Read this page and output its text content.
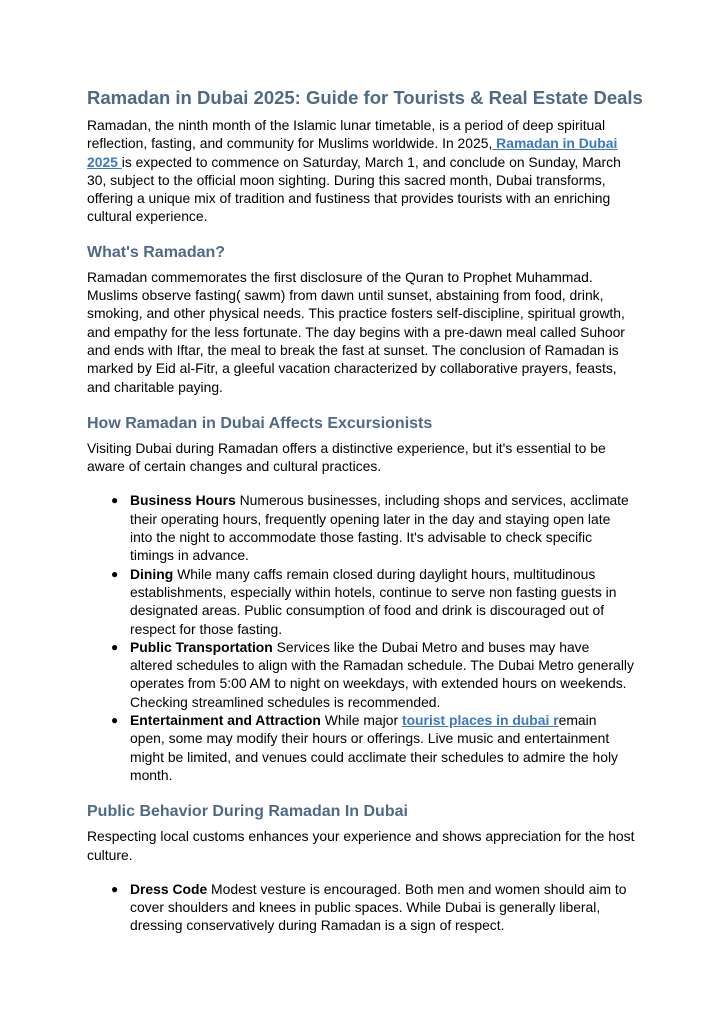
Ramadan in Dubai 2025: Guide for Tourists & Real Estate Deals

Ramadan, the ninth month of the Islamic lunar timetable, is a period of deep spiritual reflection, fasting, and community for Muslims worldwide. In 2025, Ramadan in Dubai 2025 is expected to commence on Saturday, March 1, and conclude on Sunday, March 30, subject to the official moon sighting. During this sacred month, Dubai transforms, offering a unique mix of tradition and fustiness that provides tourists with an enriching cultural experience.

What's Ramadan?

Ramadan commemorates the first disclosure of the Quran to Prophet Muhammad. Muslims observe fasting( sawm) from dawn until sunset, abstaining from food, drink, smoking, and other physical needs. This practice fosters self-discipline, spiritual growth, and empathy for the less fortunate. The day begins with a pre-dawn meal called Suhoor and ends with Iftar, the meal to break the fast at sunset. The conclusion of Ramadan is marked by Eid al-Fitr, a gleeful vacation characterized by collaborative prayers, feasts, and charitable paying.

How Ramadan in Dubai Affects Excursionists

Visiting Dubai during Ramadan offers a distinctive experience, but it's essential to be aware of certain changes and cultural practices.

● Business Hours Numerous businesses, including shops and services, acclimate their operating hours, frequently opening later in the day and staying open late into the night to accommodate those fasting. It's advisable to check specific timings in advance.
● Dining While many caffs remain closed during daylight hours, multitudinous establishments, especially within hotels, continue to serve non fasting guests in designated areas. Public consumption of food and drink is discouraged out of respect for those fasting.
● Public Transportation Services like the Dubai Metro and buses may have altered schedules to align with the Ramadan schedule. The Dubai Metro generally operates from 5:00 AM to night on weekdays, with extended hours on weekends. Checking streamlined schedules is recommended.
● Entertainment and Attraction While major tourist places in dubai remain open, some may modify their hours or offerings. Live music and entertainment might be limited, and venues could acclimate their schedules to admire the holy month.
Public Behavior During Ramadan In Dubai

Respecting local customs enhances your experience and shows appreciation for the host culture.

● Dress Code Modest vesture is encouraged. Both men and women should aim to cover shoulders and knees in public spaces. While Dubai is generally liberal, dressing conservatively during Ramadan is a sign of respect.
